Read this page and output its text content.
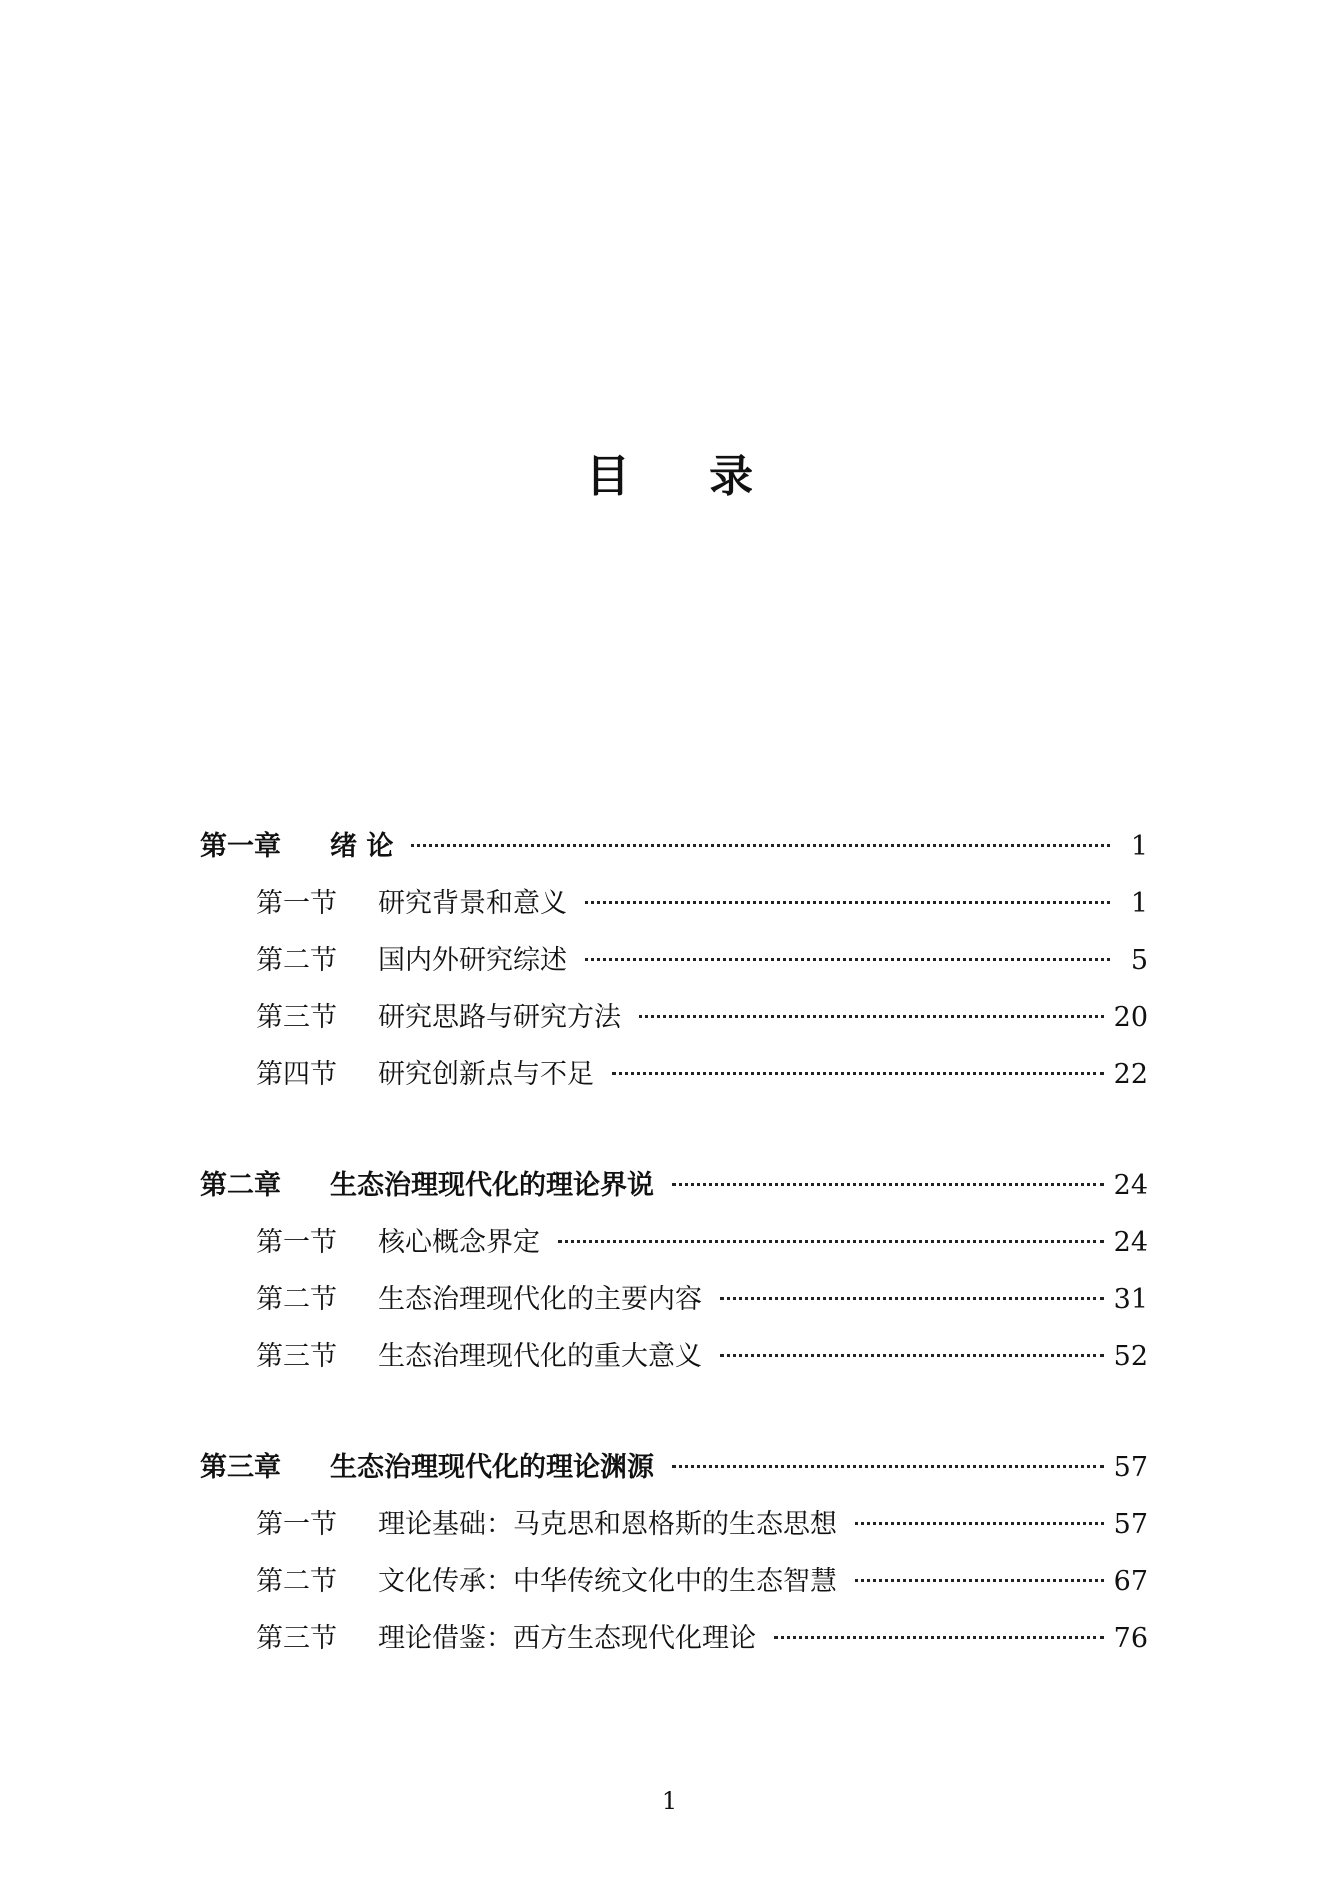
目 录
第一章 绪 论	1
第一节 研究背景和意义	1
第二节 国内外研究综述	5
第三节 研究思路与研究方法	20
第四节 研究创新点与不足	22
第二章 生态治理现代化的理论界说	24
第一节 核心概念界定	24
第二节 生态治理现代化的主要内容	31
第三节 生态治理现代化的重大意义	52
第三章 生态治理现代化的理论渊源	57
第一节 理论基础：马克思和恩格斯的生态思想	57
第二节 文化传承：中华传统文化中的生态智慧	67
第三节 理论借鉴：西方生态现代化理论	76
1
